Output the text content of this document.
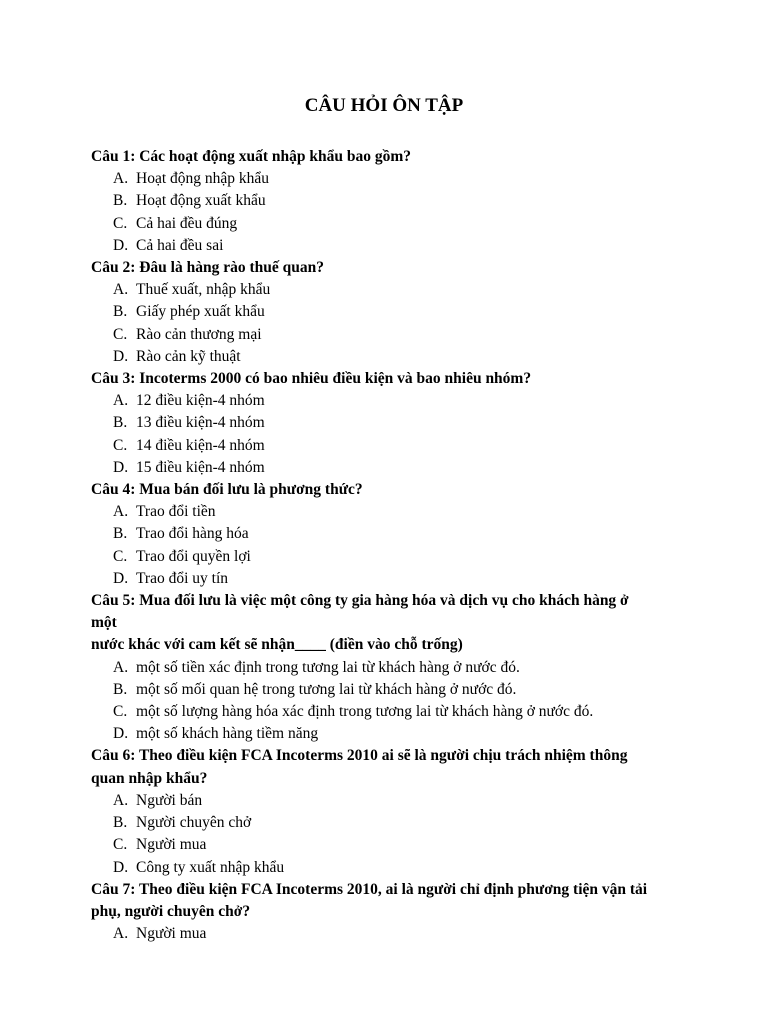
CÂU HỎI ÔN TẬP
Câu 1: Các hoạt động xuất nhập khẩu bao gồm?
A. Hoạt động nhập khẩu
B. Hoạt động xuất khẩu
C. Cả hai đều đúng
D. Cả hai đều sai
Câu 2: Đâu là hàng rào thuế quan?
A. Thuế xuất, nhập khẩu
B. Giấy phép xuất khẩu
C. Rào cản thương mại
D. Rào cản kỹ thuật
Câu 3: Incoterms 2000 có bao nhiêu điều kiện và bao nhiêu nhóm?
A. 12 điều kiện-4 nhóm
B. 13 điều kiện-4 nhóm
C. 14 điều kiện-4 nhóm
D. 15 điều kiện-4 nhóm
Câu 4: Mua bán đối lưu là phương thức?
A. Trao đổi tiền
B. Trao đổi hàng hóa
C. Trao đổi quyền lợi
D. Trao đổi uy tín
Câu 5: Mua đối lưu là việc một công ty gia hàng hóa và dịch vụ cho khách hàng ở
một
nước khác với cam kết sẽ nhận____ (điền vào chỗ trống)
A. một số tiền xác định trong tương lai từ khách hàng ở nước đó.
B. một số mối quan hệ trong tương lai từ khách hàng ở nước đó.
C. một số lượng hàng hóa xác định trong tương lai từ khách hàng ở nước đó.
D. một số khách hàng tiềm năng
Câu 6: Theo điều kiện FCA Incoterms 2010 ai sẽ là người chịu trách nhiệm thông
quan nhập khẩu?
A. Người bán
B. Người chuyên chở
C. Người mua
D. Công ty xuất nhập khẩu
Câu 7: Theo điều kiện FCA Incoterms 2010, ai là người chỉ định phương tiện vận tải
phụ, người chuyên chở?
A. Người mua
